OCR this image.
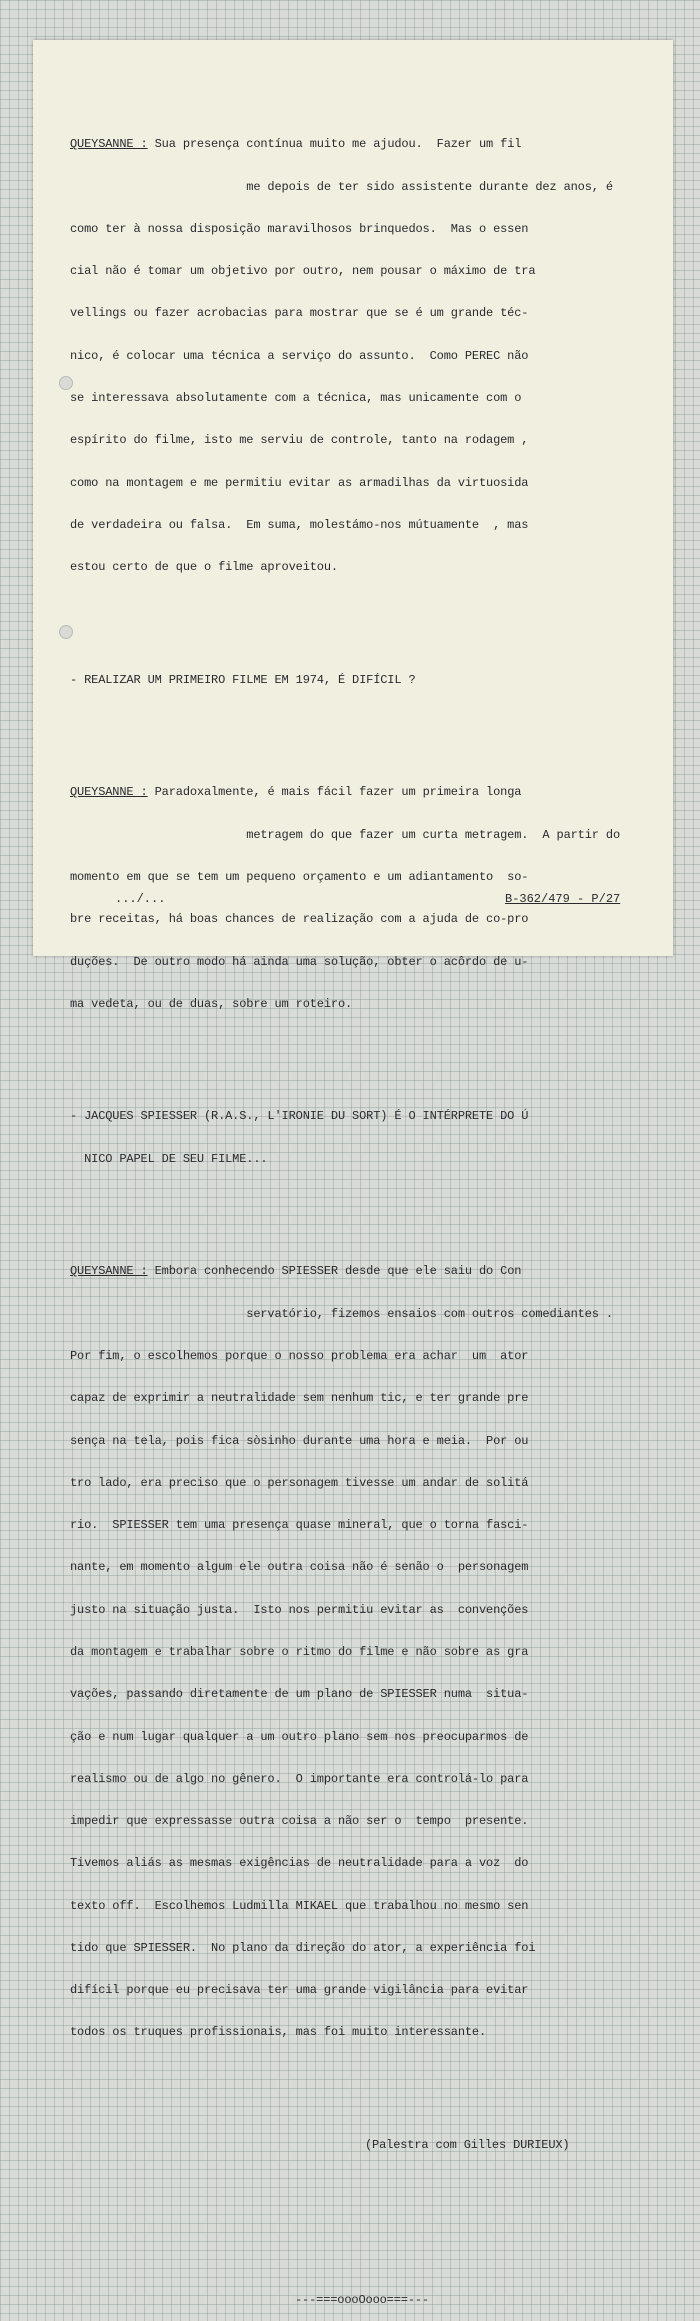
QUEYSANNE : Sua presença contínua muito me ajudou.  Fazer um fil

me depois de ter sido assistente durante dez anos, é

como ter à nossa disposição maravilhosos brinquedos.  Mas o essen

cial não é tomar um objetivo por outro, nem pousar o máximo de tra

vellings ou fazer acrobacias para mostrar que se é um grande téc-

nico, é colocar uma técnica a serviço do assunto.  Como PEREC não

se interessava absolutamente com a técnica, mas unicamente com o

espírito do filme, isto me serviu de controle, tanto na rodagem ,

como na montagem e me permitiu evitar as armadilhas da virtuosida

de verdadeira ou falsa.  Em suma, molestámo-nos mútuamente  , mas

estou certo de que o filme aproveitou.

- REALIZAR UM PRIMEIRO FILME EM 1974, É DIFÍCIL ?

QUEYSANNE : Paradoxalmente, é mais fácil fazer um primeira longa

metragem do que fazer um curta metragem.  A partir do

momento em que se tem um pequeno orçamento e um adiantamento  so-

bre receitas, há boas chances de realização com a ajuda de co-pro

duções.  De outro modo há ainda uma solução, obter o acôrdo de u-

ma vedeta, ou de duas, sobre um roteiro.

- JACQUES SPIESSER (R.A.S., L'IRONIE DU SORT) É O INTÉRPRETE DO Ú

NICO PAPEL DE SEU FILME...

QUEYSANNE : Embora conhecendo SPIESSER desde que ele saiu do Con

servatório, fizemos ensaios com outros comediantes .

Por fim, o escolhemos porque o nosso problema era achar  um  ator

capaz de exprimir a neutralidade sem nenhum tic, e ter grande pre

sença na tela, pois fica sòsinho durante uma hora e meia.  Por ou

tro lado, era preciso que o personagem tivesse um andar de solitá

rio.  SPIESSER tem uma presença quase mineral, que o torna fasci-

nante, em momento algum ele outra coisa não é senão o  personagem

justo na situação justa.  Isto nos permitiu evitar as  convenções

da montagem e trabalhar sobre o ritmo do filme e não sobre as gra

vações, passando diretamente de um plano de SPIESSER numa  situa-

ção e num lugar qualquer a um outro plano sem nos preocuparmos de

realismo ou de algo no gênero.  O importante era controlá-lo para

impedir que expressasse outra coisa a não ser o  tempo  presente.

Tivemos aliás as mesmas exigências de neutralidade para a voz  do

texto off.  Escolhemos Ludmilla MIKAEL que trabalhou no mesmo sen

tido que SPIESSER.  No plano da direção do ator, a experiência foi

difícil porque eu precisava ter uma grande vigilância para evitar

todos os truques profissionais, mas foi muito interessante.

(Palestra com Gilles DURIEUX)

---===oooOooo===---

.../...	B-362/479 - P/27
